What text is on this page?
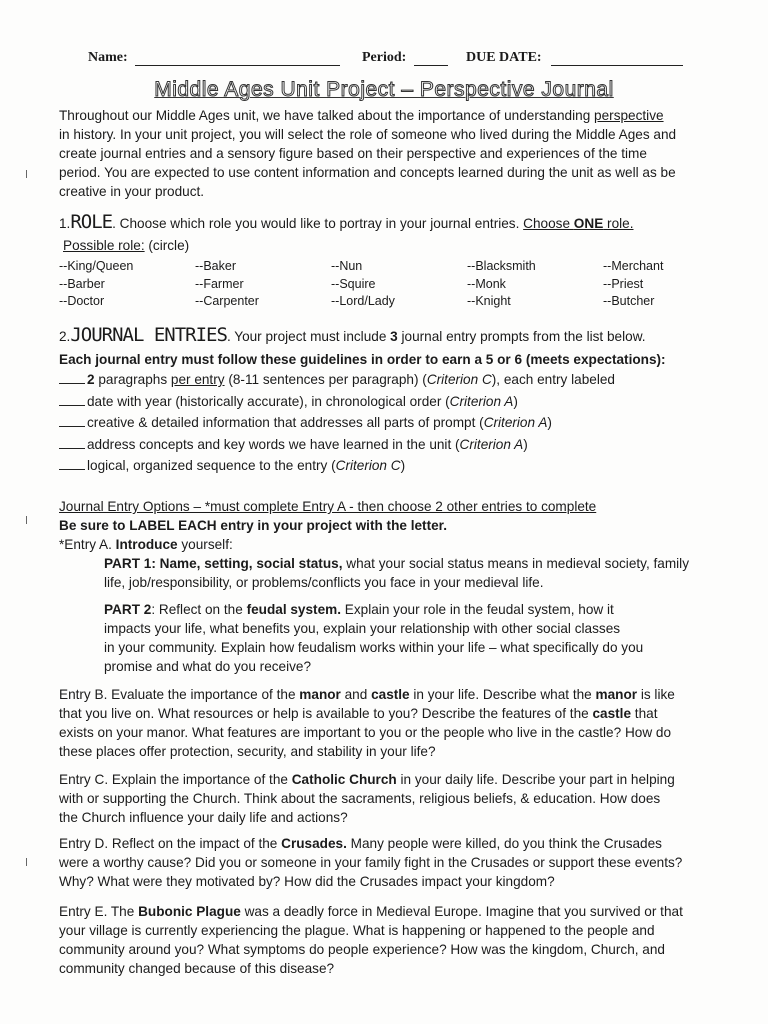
Name:	Period:	DUE DATE:
Middle Ages Unit Project – Perspective Journal
Throughout our Middle Ages unit, we have talked about the importance of understanding perspective
in history. In your unit project, you will select the role of someone who lived during the Middle Ages and
create journal entries and a sensory figure based on their perspective and experiences of the time
period. You are expected to use content information and concepts learned during the unit as well as be
creative in your product.
1.ROLE. Choose which role you would like to portray in your journal entries. Choose ONE role.
Possible role: (circle)
--King/Queen
--Barber
--Doctor
--Baker
--Farmer
--Carpenter
--Nun
--Squire
--Lord/Lady
--Blacksmith
--Monk
--Knight
--Merchant
--Priest
--Butcher
2.JOURNAL ENTRIES. Your project must include 3 journal entry prompts from the list below.
Each journal entry must follow these guidelines in order to earn a 5 or 6 (meets expectations):
2 paragraphs per entry (8-11 sentences per paragraph) (Criterion C), each entry labeled
date with year (historically accurate), in chronological order (Criterion A)
creative & detailed information that addresses all parts of prompt (Criterion A)
address concepts and key words we have learned in the unit (Criterion A)
logical, organized sequence to the entry (Criterion C)
Journal Entry Options – *must complete Entry A - then choose 2 other entries to complete
Be sure to LABEL EACH entry in your project with the letter.
*Entry A. Introduce yourself:
PART 1: Name, setting, social status, what your social status means in medieval society, family
life, job/responsibility, or problems/conflicts you face in your medieval life.
PART 2: Reflect on the feudal system. Explain your role in the feudal system, how it
impacts your life, what benefits you, explain your relationship with other social classes
in your community. Explain how feudalism works within your life – what specifically do you
promise and what do you receive?
Entry B. Evaluate the importance of the manor and castle in your life. Describe what the manor is like
that you live on. What resources or help is available to you? Describe the features of the castle that
exists on your manor. What features are important to you or the people who live in the castle? How do
these places offer protection, security, and stability in your life?
Entry C. Explain the importance of the Catholic Church in your daily life. Describe your part in helping
with or supporting the Church. Think about the sacraments, religious beliefs, & education. How does
the Church influence your daily life and actions?
Entry D. Reflect on the impact of the Crusades. Many people were killed, do you think the Crusades
were a worthy cause? Did you or someone in your family fight in the Crusades or support these events?
Why? What were they motivated by? How did the Crusades impact your kingdom?
Entry E. The Bubonic Plague was a deadly force in Medieval Europe. Imagine that you survived or that
your village is currently experiencing the plague. What is happening or happened to the people and
community around you? What symptoms do people experience? How was the kingdom, Church, and
community changed because of this disease?
